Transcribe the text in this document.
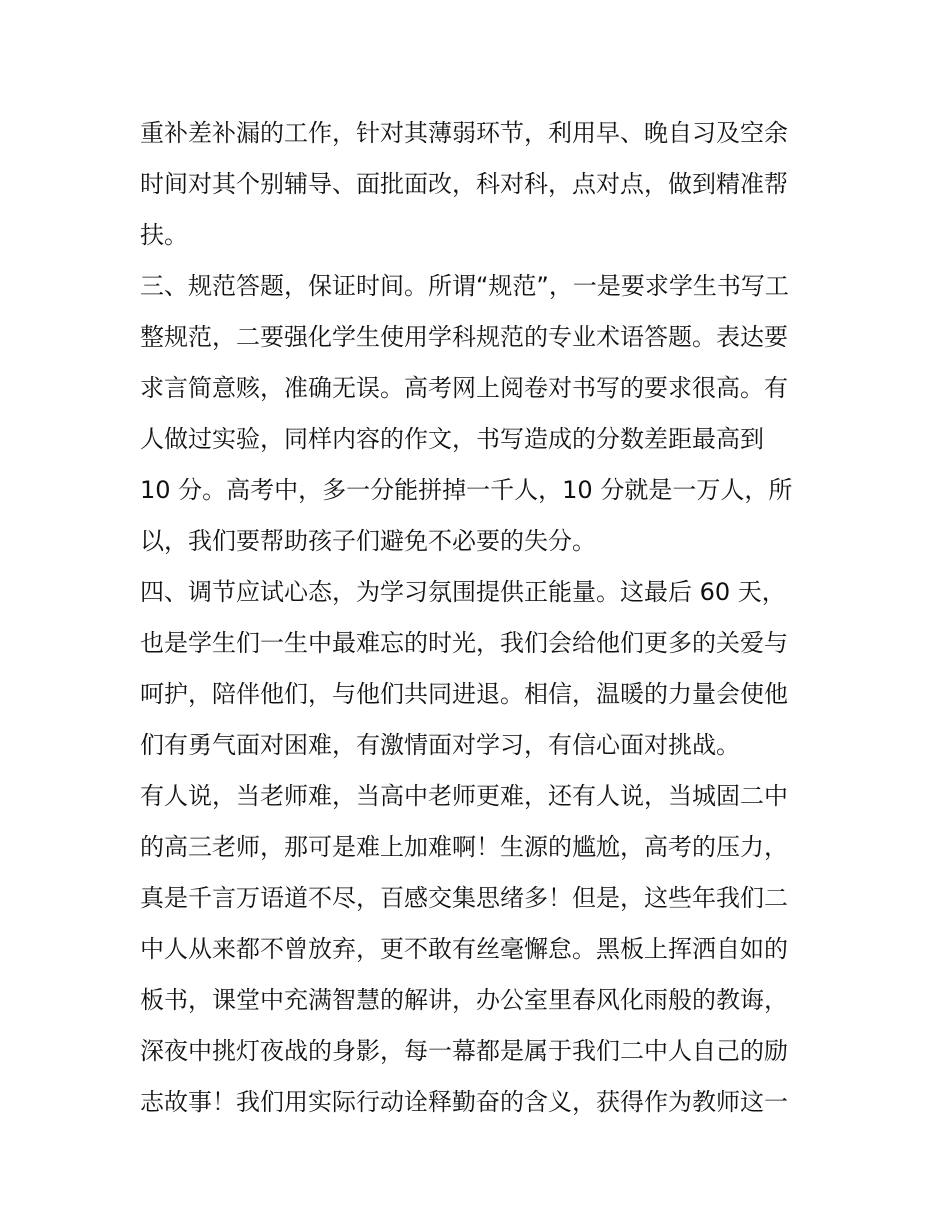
重补差补漏的工作，针对其薄弱环节，利用早、晚自习及空余
时间对其个别辅导、面批面改，科对科，点对点，做到精准帮
扶。
三、规范答题，保证时间。所谓“规范”，一是要求学生书写工
整规范，二要强化学生使用学科规范的专业术语答题。表达要
求言简意赅，准确无误。高考网上阅卷对书写的要求很高。有
人做过实验，同样内容的作文，书写造成的分数差距最高到
10 分。高考中，多一分能拼掉一千人，10 分就是一万人，所
以，我们要帮助孩子们避免不必要的失分。
四、调节应试心态，为学习氛围提供正能量。这最后 60 天，
也是学生们一生中最难忘的时光，我们会给他们更多的关爱与
呵护，陪伴他们，与他们共同进退。相信，温暖的力量会使他
们有勇气面对困难，有激情面对学习，有信心面对挑战。
有人说，当老师难，当高中老师更难，还有人说，当城固二中
的高三老师，那可是难上加难啊！生源的尴尬，高考的压力，
真是千言万语道不尽，百感交集思绪多！但是，这些年我们二
中人从来都不曾放弃，更不敢有丝毫懈怠。黑板上挥洒自如的
板书，课堂中充满智慧的解讲，办公室里春风化雨般的教诲，
深夜中挑灯夜战的身影，每一幕都是属于我们二中人自己的励
志故事！我们用实际行动诠释勤奋的含义，获得作为教师这一
